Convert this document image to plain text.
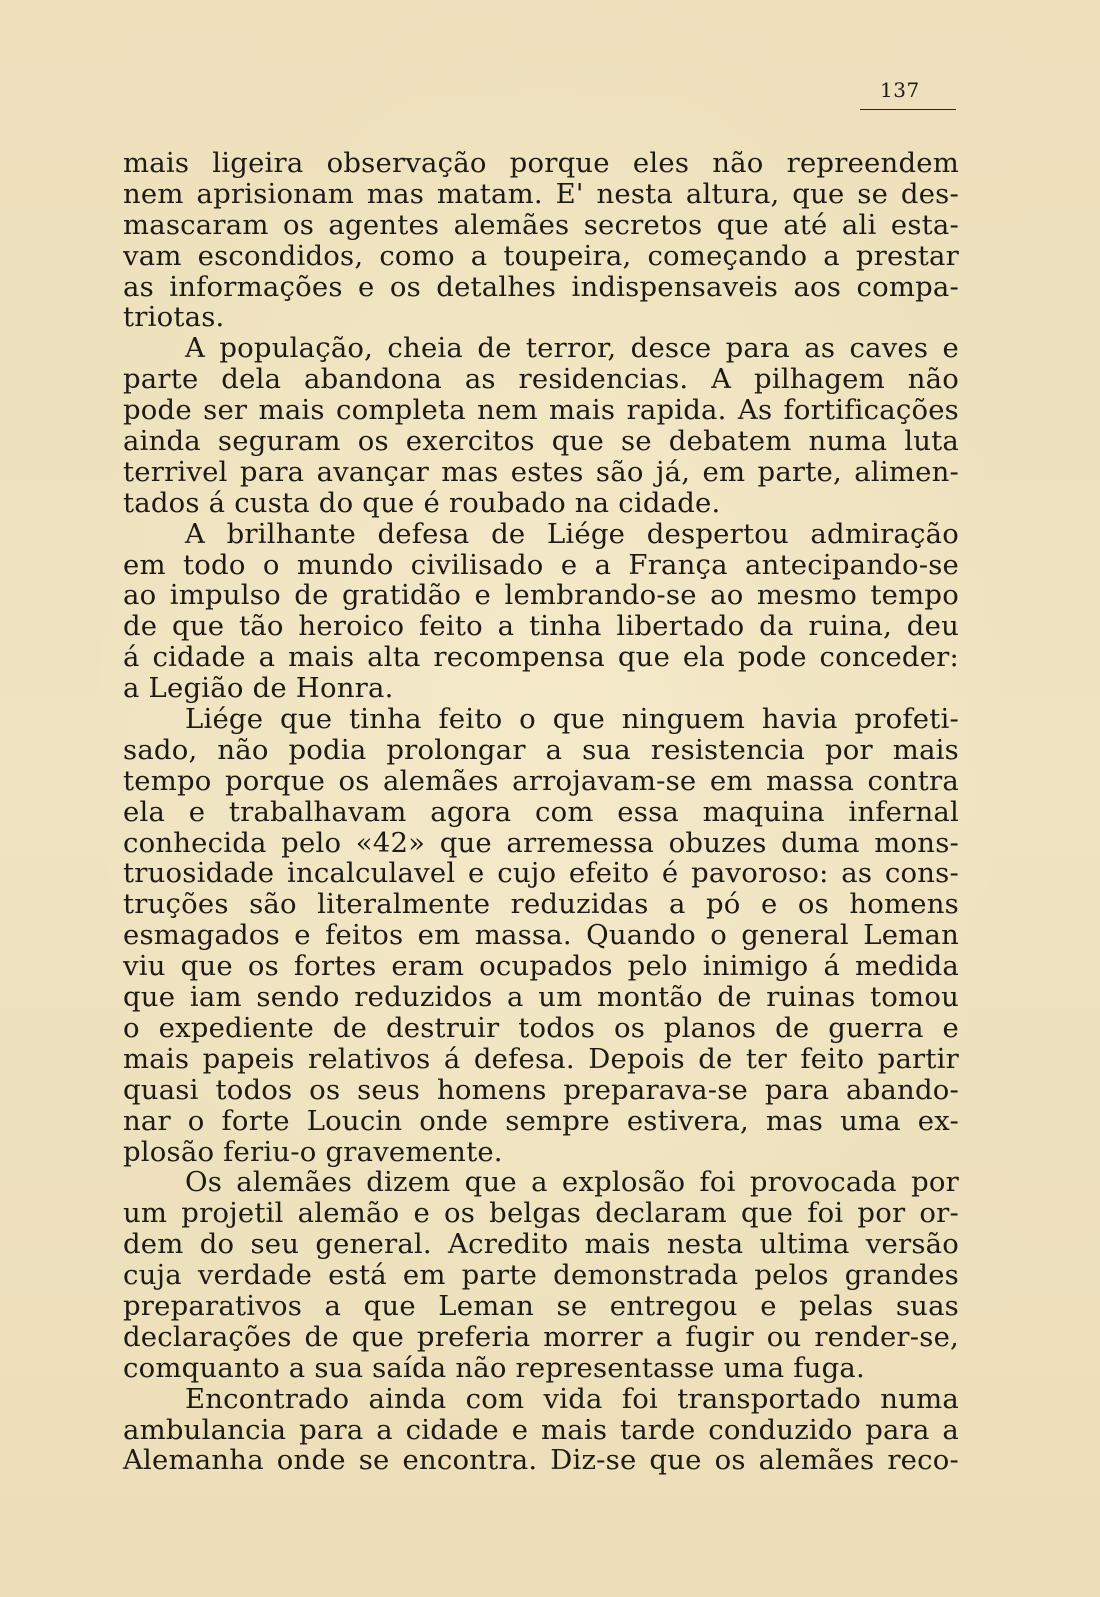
137
mais ligeira observação porque eles não repreendem
nem aprisionam mas matam. E' nesta altura, que se des-
mascaram os agentes alemães secretos que até ali esta-
vam escondidos, como a toupeira, começando a prestar
as informações e os detalhes indispensaveis aos compa-
triotas.
A população, cheia de terror, desce para as caves e
parte dela abandona as residencias. A pilhagem não
pode ser mais completa nem mais rapida. As fortificações
ainda seguram os exercitos que se debatem numa luta
terrivel para avançar mas estes são já, em parte, alimen-
tados á custa do que é roubado na cidade.
A brilhante defesa de Liége despertou admiração
em todo o mundo civilisado e a França antecipando-se
ao impulso de gratidão e lembrando-se ao mesmo tempo
de que tão heroico feito a tinha libertado da ruina, deu
á cidade a mais alta recompensa que ela pode conceder:
a Legião de Honra.
Liége que tinha feito o que ninguem havia profeti-
sado, não podia prolongar a sua resistencia por mais
tempo porque os alemães arrojavam-se em massa contra
ela e trabalhavam agora com essa maquina infernal
conhecida pelo «42» que arremessa obuzes duma mons-
truosidade incalculavel e cujo efeito é pavoroso: as cons-
truções são literalmente reduzidas a pó e os homens
esmagados e feitos em massa. Quando o general Leman
viu que os fortes eram ocupados pelo inimigo á medida
que iam sendo reduzidos a um montão de ruinas tomou
o expediente de destruir todos os planos de guerra e
mais papeis relativos á defesa. Depois de ter feito partir
quasi todos os seus homens preparava-se para abando-
nar o forte Loucin onde sempre estivera, mas uma ex-
plosão feriu-o gravemente.
Os alemães dizem que a explosão foi provocada por
um projetil alemão e os belgas declaram que foi por or-
dem do seu general. Acredito mais nesta ultima versão
cuja verdade está em parte demonstrada pelos grandes
preparativos a que Leman se entregou e pelas suas
declarações de que preferia morrer a fugir ou render-se,
comquanto a sua saída não representasse uma fuga.
Encontrado ainda com vida foi transportado numa
ambulancia para a cidade e mais tarde conduzido para a
Alemanha onde se encontra. Diz-se que os alemães reco-
